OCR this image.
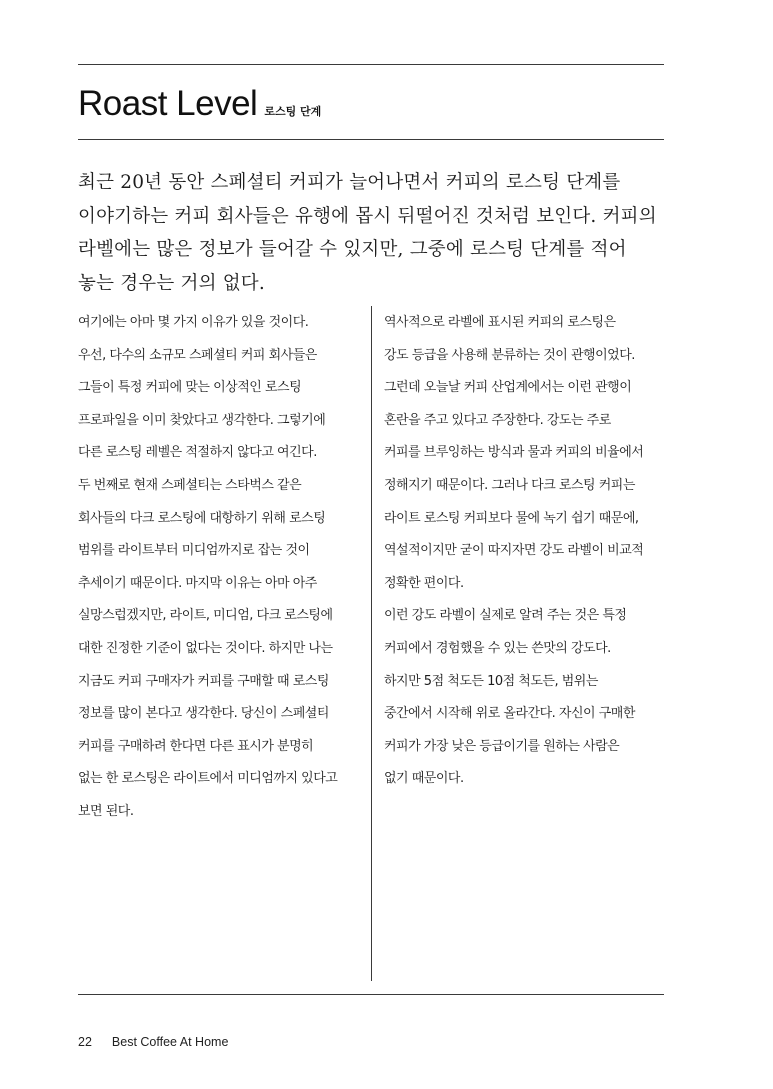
Roast Level 로스팅 단계
최근 20년 동안 스페셜티 커피가 늘어나면서 커피의 로스팅 단계를
이야기하는 커피 회사들은 유행에 몹시 뒤떨어진 것처럼 보인다. 커피의
라벨에는 많은 정보가 들어갈 수 있지만, 그중에 로스팅 단계를 적어
놓는 경우는 거의 없다.
여기에는 아마 몇 가지 이유가 있을 것이다.
우선, 다수의 소규모 스페셜티 커피 회사들은
그들이 특정 커피에 맞는 이상적인 로스팅
프로파일을 이미 찾았다고 생각한다. 그렇기에
다른 로스팅 레벨은 적절하지 않다고 여긴다.
두 번째로 현재 스페셜티는 스타벅스 같은
회사들의 다크 로스팅에 대항하기 위해 로스팅
범위를 라이트부터 미디엄까지로 잡는 것이
추세이기 때문이다. 마지막 이유는 아마 아주
실망스럽겠지만, 라이트, 미디엄, 다크 로스팅에
대한 진정한 기준이 없다는 것이다. 하지만 나는
지금도 커피 구매자가 커피를 구매할 때 로스팅
정보를 많이 본다고 생각한다. 당신이 스페셜티
커피를 구매하려 한다면 다른 표시가 분명히
없는 한 로스팅은 라이트에서 미디엄까지 있다고
보면 된다.
역사적으로 라벨에 표시된 커피의 로스팅은
강도 등급을 사용해 분류하는 것이 관행이었다.
그런데 오늘날 커피 산업계에서는 이런 관행이
혼란을 주고 있다고 주장한다. 강도는 주로
커피를 브루잉하는 방식과 물과 커피의 비율에서
정해지기 때문이다. 그러나 다크 로스팅 커피는
라이트 로스팅 커피보다 물에 녹기 쉽기 때문에,
역설적이지만 굳이 따지자면 강도 라벨이 비교적
정확한 편이다.
이런 강도 라벨이 실제로 알려 주는 것은 특정
커피에서 경험했을 수 있는 쓴맛의 강도다.
하지만 5점 척도든 10점 척도든, 범위는
중간에서 시작해 위로 올라간다. 자신이 구매한
커피가 가장 낮은 등급이기를 원하는 사람은
없기 때문이다.
22 Best Coffee At Home
